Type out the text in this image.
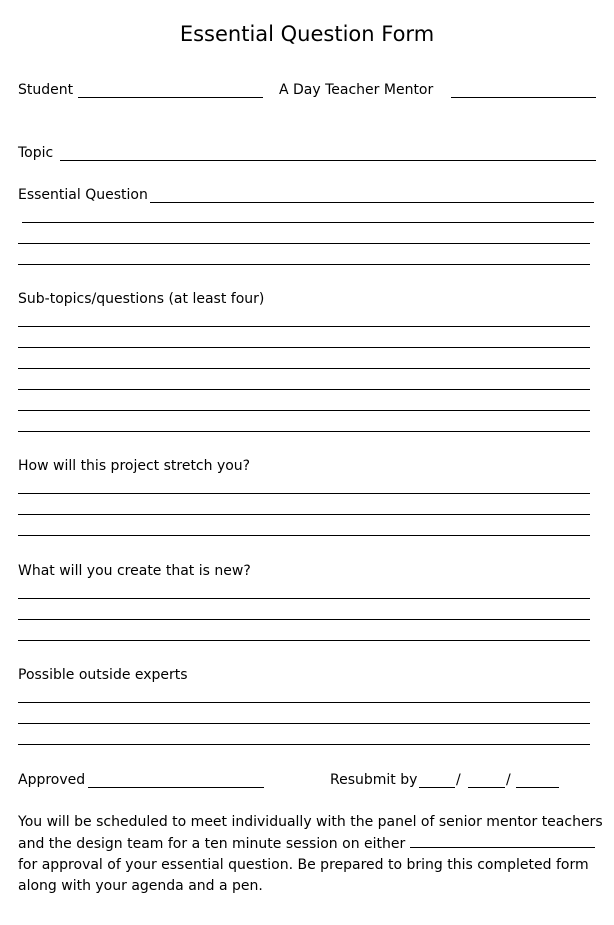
Essential Question Form
Student	A Day Teacher Mentor
Topic
Essential Question
Sub-topics/questions (at least four)
How will this project stretch you?
What will you create that is new?
Possible outside experts
Approved	Resubmit by	/	/
You will be scheduled to meet individually with the panel of senior mentor teachers and the design team for a ten minute session on either  for approval of your essential question. Be prepared to bring this completed form along with your agenda and a pen.
